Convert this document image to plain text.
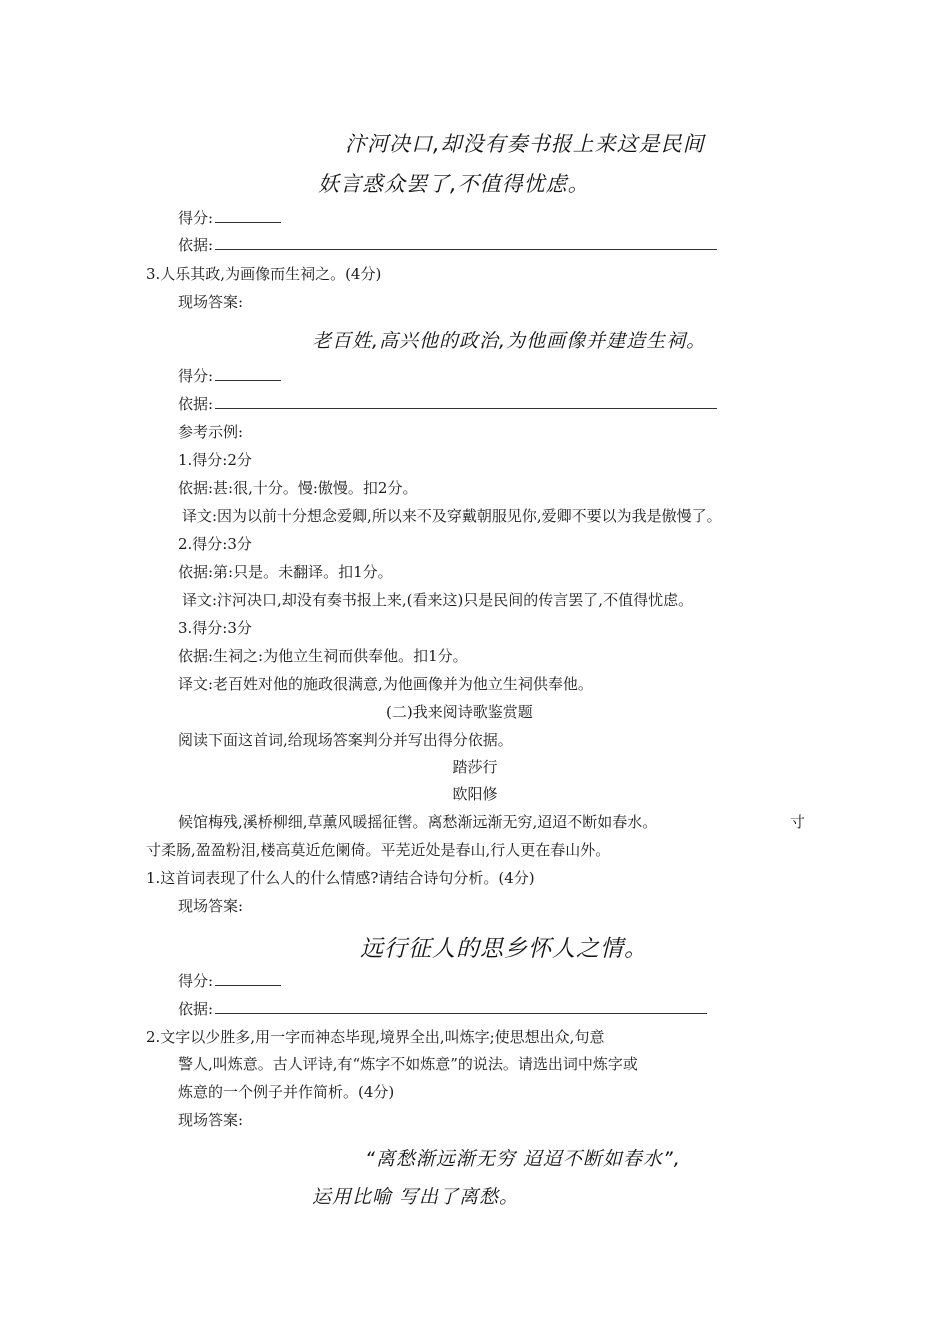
汴河决口,却没有奏书报上来这是民间
妖言惑众罢了,不值得忧虑。
得分:
依据:
3.人乐其政,为画像而生祠之。(4分)
现场答案:
老百姓,高兴他的政治,为他画像并建造生祠。
得分:
依据:
参考示例:
1.得分:2分
依据:甚:很,十分。慢:傲慢。扣2分。
译文:因为以前十分想念爱卿,所以来不及穿戴朝服见你,爱卿不要以为我是傲慢了。
2.得分:3分
依据:第:只是。未翻译。扣1分。
译文:汴河决口,却没有奏书报上来,(看来这)只是民间的传言罢了,不值得忧虑。
3.得分:3分
依据:生祠之:为他立生祠而供奉他。扣1分。
译文:老百姓对他的施政很满意,为他画像并为他立生祠供奉他。
(二)我来阅诗歌鉴赏题
阅读下面这首词,给现场答案判分并写出得分依据。
踏莎行
欧阳修
候馆梅残,溪桥柳细,草薰风暖摇征辔。离愁渐远渐无穷,迢迢不断如春水。	寸
寸柔肠,盈盈粉泪,楼高莫近危阑倚。平芜近处是春山,行人更在春山外。
1.这首词表现了什么人的什么情感?请结合诗句分析。(4分)
现场答案:
远行征人的思乡怀人之情。
得分:
依据:
2.文字以少胜多,用一字而神态毕现,境界全出,叫炼字;使思想出众,句意
警人,叫炼意。古人评诗,有“炼字不如炼意”的说法。请选出词中炼字或
炼意的一个例子并作简析。(4分)
现场答案:
“离愁渐远渐无穷 迢迢不断如春水”,
运用比喻 写出了离愁。
